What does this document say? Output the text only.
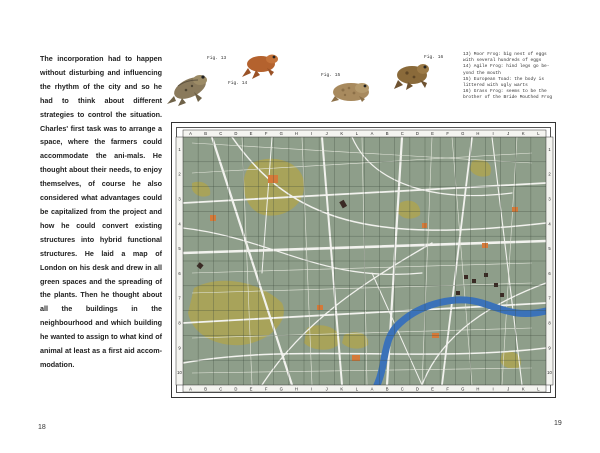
The incorporation had to happen without disturbing and influencing the rhythm of the city and so he had to think about different strategies to control the situation. Charles' first task was to arrange a space, where the farmers could accommodate the ani-mals. He thought about their needs, to enjoy themselves, of course he also considered what advantages could be capitalized from the project and how he could convert existing structures into hybrid functional structures. He laid a map of London on his desk and drew in all green spaces and the spreading of the plants. Then he thought about all the buildings in the neighbourhood and which building he wanted to assign to what kind of animal at least as a first aid accom-modation.

18
Fig. 13
Fig. 14
Fig. 15
Fig. 16
13) Moor Frog: big nest of eggs
with several hundreds of eggs
14) Agile Frog: hind legs go be-
yond the mouth
15) European Toad: the body is
littered with ugly warts
16) Grass Frog: seems to be the
brother of the Bride Mouthed Frog
A	B	C	D	E	F	G	H	I	J	K	L	A	B	C	D	E	F	G	H	I	J	K	L
A	B	C	D	E	F	G	H	I	J	K	L	A	B	C	D	E	F	G	H	I	J	K	L
1
2
3
4
5
6
7
8
9
10
1
2
3
4
5
6
7
8
9
10
19
